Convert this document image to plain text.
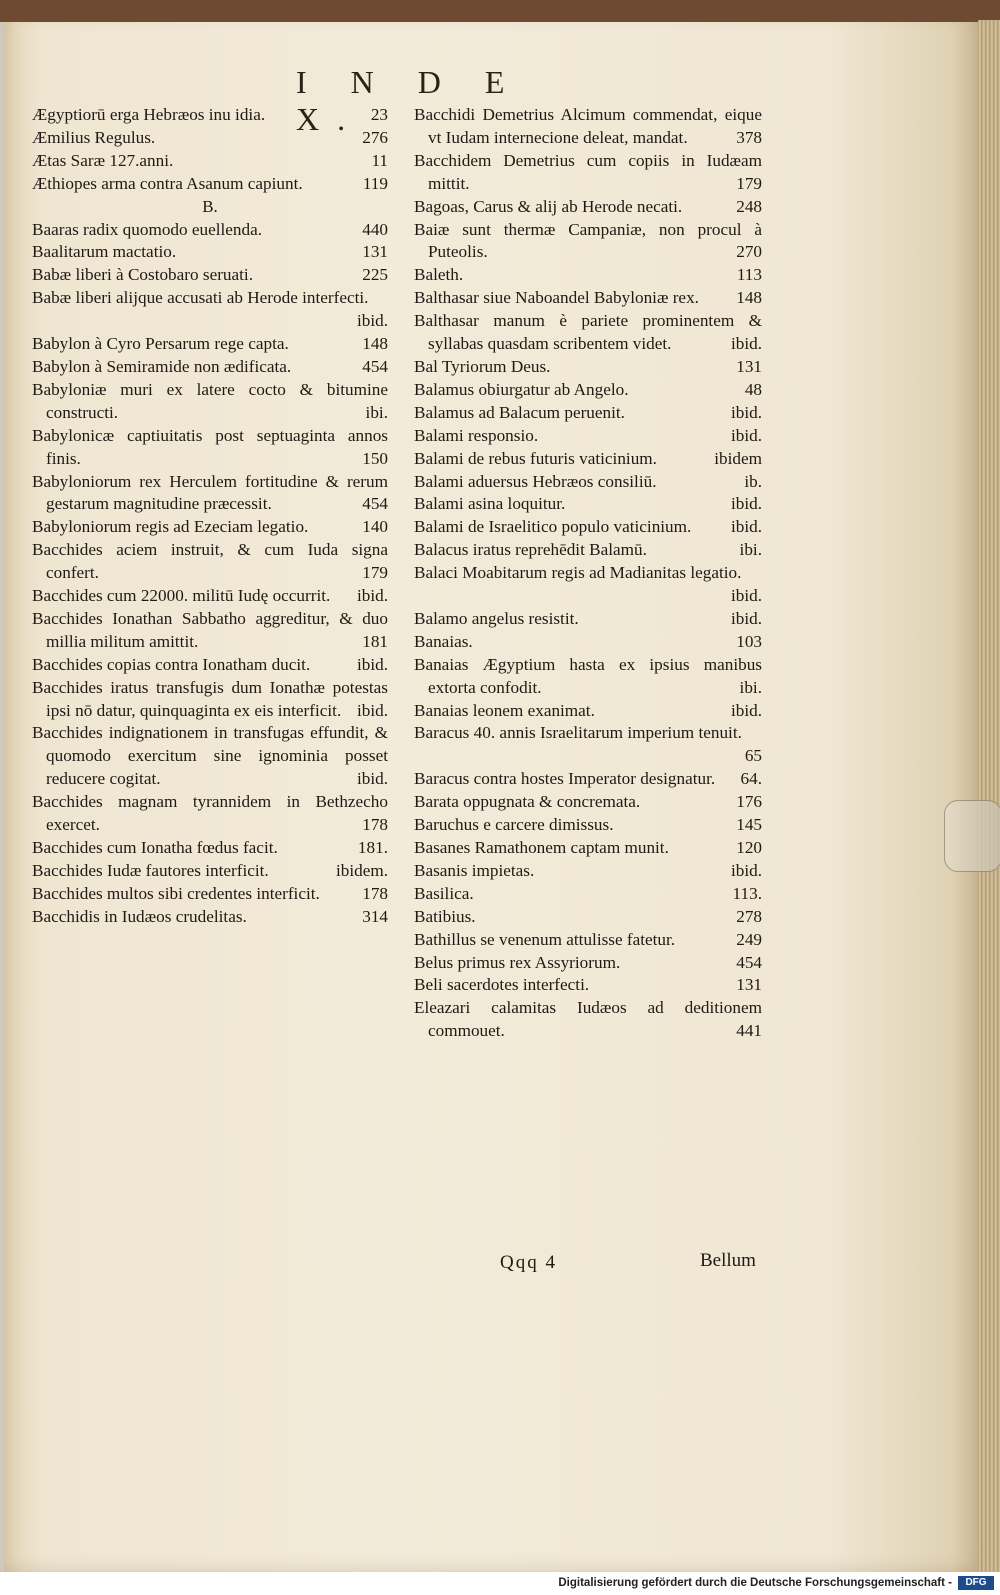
I N D E X.
Ægyptiorū erga Hebræos inu idia.	23
Æmilius Regulus.	276
Ætas Saræ 127.anni.	11
Æthiopes arma contra Asanum capiunt.	119
B.
Baaras radix quomodo euellenda.	440
Baalitarum mactatio.	131
Babæ liberi à Costobaro seruati.	225
Babæ liberi alijque accusati ab Herode interfecti.
ibid.
Babylon à Cyro Persarum rege capta.	148
Babylon à Semiramide non ædificata.	454
Babyloniæ muri ex latere cocto & bitumine constructi.	ibi.
Babylonicæ captiuitatis post septuaginta annos finis.	150
Babyloniorum rex Herculem fortitudine & rerum gestarum magnitudine præcessit.	454
Babyloniorum regis ad Ezeciam legatio.	140
Bacchides aciem instruit, & cum Iuda signa confert.	179
Bacchides cum 22000. militū Iudę occurrit. ibid.
Bacchides Ionathan Sabbatho aggreditur, & duo millia militum amittit.	181
Bacchides copias contra Ionatham ducit.	ibid.
Bacchides iratus transfugis dum Ionathæ potestas ipsi nō datur, quinquaginta ex eis interficit. ibid.
Bacchides indignationem in transfugas effundit, & quomodo exercitum sine ignominia posset reducere cogitat.	ibid.
Bacchides magnam tyrannidem in Bethzecho exercet.	178
Bacchides cum Ionatha fœdus facit.	181.
Bacchides Iudæ fautores interficit.	ibidem.
Bacchides multos sibi credentes interficit. 178
Bacchidis in Iudæos crudelitas.	314
Bacchidi Demetrius Alcimum commendat, eique vt Iudam internecione deleat, mandat.	378
Bacchidem Demetrius cum copiis in Iudæam mittit.	179
Bagoas, Carus & alij ab Herode necati.	248
Baiæ sunt thermæ Campaniæ, non procul à Puteolis.	270
Baleth.	113
Balthasar siue Naboandel Babyloniæ rex. 148
Balthasar manum è pariete prominentem & syllabas quasdam scribentem videt.	ibid.
Bal Tyriorum Deus.	131
Balamus obiurgatur ab Angelo.	48
Balamus ad Balacum peruenit.	ibid.
Balami responsio.	ibid.
Balami de rebus futuris vaticinium.	ibidem
Balami aduersus Hebræos consiliū.	ib.
Balami asina loquitur.	ibid.
Balami de Israelitico populo vaticinium. ibid.
Balacus iratus reprehēdit Balamū.	ibi.
Balaci Moabitarum regis ad Madianitas legatio.
ibid.
Balamo angelus resistit.	ibid.
Banaias.	103
Banaias Ægyptium hasta ex ipsius manibus extorta confodit.	ibi.
Banaias leonem exanimat.	ibid.
Baracus 40. annis Israelitarum imperium tenuit.
65
Baracus contra hostes Imperator designatur. 64.
Barata oppugnata & concremata.	176
Baruchus e carcere dimissus.	145
Basanes Ramathonem captam munit.	120
Basanis impietas.	ibid.
Basilica.	113.
Batibius.	278
Bathillus se venenum attulisse fatetur.	249
Belus primus rex Assyriorum.	454
Beli sacerdotes interfecti.	131
Eleazari calamitas Iudæos ad deditionem commouet.	441
Qqq 4	Bellum
Digitalisierung gefördert durch die Deutsche Forschungsgemeinschaft -	DFG
